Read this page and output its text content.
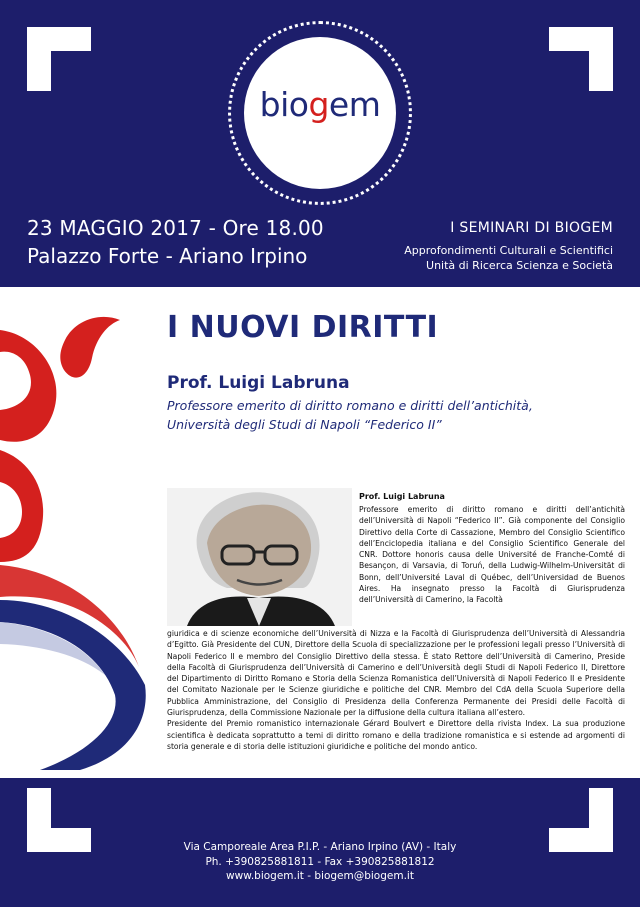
biogem
23 MAGGIO 2017 - Ore 18.00
Palazzo Forte - Ariano Irpino
I SEMINARI DI BIOGEM
Approfondimenti Culturali e Scientifici
Unità di Ricerca Scienza e Società
I NUOVI DIRITTI
Prof. Luigi Labruna
Professore emerito di diritto romano e diritti dell’antichità,
Università degli Studi di Napoli “Federico II”
Prof. Luigi Labruna

Professore emerito di diritto romano e diritti dell’antichità dell’Università di Napoli “Federico II”. Già componente del Consiglio Direttivo della Corte di Cassazione, Membro del Consiglio Scientifico dell’Enciclopedia italiana e del Consiglio Scientifico Generale del CNR. Dottore honoris causa delle Université de Franche-Comté di Besançon, di Varsavia, di Toruń, della Ludwig-Wilhelm-Universität di Bonn, dell’Université Laval di Québec, dell’Universidad de Buenos Aires. Ha insegnato presso la Facoltà di Giurisprudenza dell’Università di Camerino, la Facoltà

giuridica e di scienze economiche dell’Università di Nizza e la Facoltà di Giurisprudenza dell’Università di Alessandria d’Egitto. Già Presidente del CUN, Direttore della Scuola di specializzazione per le professioni legali presso l’Università di Napoli Federico II e membro del Consiglio Direttivo della stessa. È stato Rettore dell’Università di Camerino, Preside della Facoltà di Giurisprudenza dell’Università di Camerino e dell’Università degli Studi di Napoli Federico II, Direttore del Dipartimento di Diritto Romano e Storia della Scienza Romanistica dell’Università di Napoli Federico II e Presidente del Comitato Nazionale per le Scienze giuridiche e politiche del CNR. Membro del CdA della Scuola Superiore della Pubblica Amministrazione, del Consiglio di Presidenza della Conferenza Permanente dei Presidi delle Facoltà di Giurisprudenza, della Commissione Nazionale per la diffusione della cultura italiana all’estero.

Presidente del Premio romanistico internazionale Gérard Boulvert e Direttore della rivista Index. La sua produzione scientifica è dedicata soprattutto a temi di diritto romano e della tradizione romanistica e si estende ad argomenti di storia generale e di storia delle istituzioni giuridiche e politiche del mondo antico.

Via Camporeale Area P.I.P. - Ariano Irpino (AV) - Italy
Ph. +390825881811 - Fax +390825881812
www.biogem.it - biogem@biogem.it
